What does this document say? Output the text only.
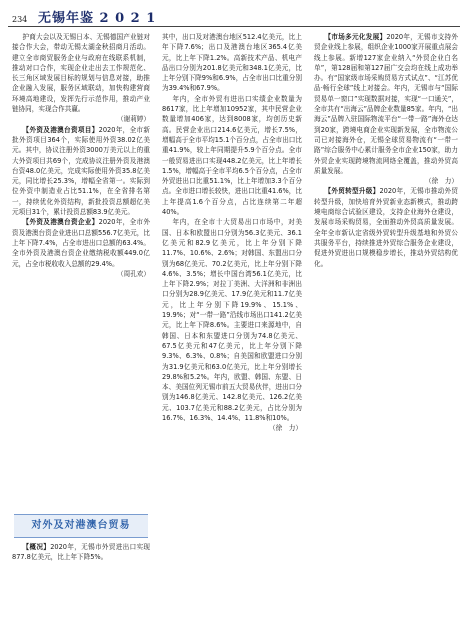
234 无锡年鉴 2 0 2 1

护商大会以及无锡日本、无锡德国产业链对接合作大会，带动无锡太湖金秋招商月活动。建立全市商贸服务企业与政府在线联系机制，推动对口合作，实现企业走出去工作规范化、长三角区域发展目标的规划与信息对接，助推企业融入发展，服务区域联动，加快构建营商环境高地建设，发挥先行示范作用，推动产业链协同，实现合作共赢。

（谢莉婷）

【外资及港澳台资项目】2020年，全市新批外资项目364个，实际使用外资38.02亿美元。其中，协议注册外资3000万美元以上的重大外资项目共69个，完成协议注册外资及港澳台资48.0亿美元，完成实际使用外资35.8亿美元，同比增长25.3%，增幅全省第一。实际到位外资中制造业占比51.1%，在全省排名第一，持续优化外资结构，新批投资总额超亿美元项目31个，累计投资总额83.9亿美元。

【外资及港澳台资企业】2020年，全市外资及港澳台资企业进出口总额556.7亿美元，比上年下降7.4%，占全市进出口总额的63.4%。全市外资及港澳台资企业缴纳税收额449.0亿元，占全市税收收入总额的29.4%。

（周孔欢）

对外及对港澳台贸易

【概况】2020年，无锡市外贸进出口实现877.8亿美元，比上年下降5%。

其中，出口及对港澳台地区512.4亿美元，比上年下降7.6%；出口及港澳台地区365.4亿美元，比上年下降1.2%。高新技术产品、机电产品出口分别为201.8亿美元和348.1亿美元，比上年分别下降9%和6.9%，占全市出口比重分别为39.4%和67.9%。

年内，全市外贸有进出口实绩企业数量为8617家，比上年增加10952家，其中民营企业数量增加406家，达到8008家，均创历史新高。民营企业出口214.6亿美元，增长7.5%，增幅高于全市平均15.1个百分点，占全市出口比重41.9%，较上年同期提升5.9个百分点。全市一般贸易进出口实现448.2亿美元，比上年增长1.5%，增幅高于全市平均6.5个百分点，占全市外贸进出口比重51.1%，比上年增加3.3个百分点。全市进口增长较快，进出口比重41.6%，比上年提高1.6个百分点，占比连续第二年超40%。

年内，在全市十大贸易出口市场中，对美国、日本和欧盟出口分别为56.3亿美元、36.1亿美元和82.9亿美元，比上年分别下降11.7%、10.6%、2.6%；对韩国、东盟出口分别为68亿美元、70.2亿美元，比上年分别下降4.6%、3.5%；增长中国台湾56.1亿美元，比上年下降2.9%；对拉丁美洲、大洋洲和非洲出口分别为28.9亿美元、17.9亿美元和11.7亿美元，比上年分别下降19.9%、15.1%、19.9%；对“一带一路”沿线市场出口141.2亿美元，比上年下降8.6%。主要进口来源地中，自韩国、日本和东盟进口分别为74.8亿美元、67.5亿美元和47亿美元，比上年分别下降9.3%、6.3%、0.8%；自美国和欧盟进口分别为31.9亿美元和63.0亿美元，比上年分别增长29.8%和5.2%。年内，欧盟、韩国、东盟、日本、美国位列无锡市前五大贸易伙伴，进出口分别为146.8亿美元、142.8亿美元、126.2亿美元、103.7亿美元和88.2亿美元，占比分别为16.7%、16.3%、14.4%、11.8%和10%。

（徐　力）

【市场多元化发展】2020年，无锡市支持外贸企业线上参展，组织企业1000家开展重点展会线上参展。新增127家企业纳入“外贸企业白名单”，第128届和第127届广交会均在线上成功举办。有“国家级市场采购贸易方式试点”、“江苏优品·畅行全球”线上对接会。年内，无锡市与“国际贸易单一窗口”实现数据对接，实现“一口通关”，全市共有“出海云”品牌企业数量85家。年内，“出海云”品牌入驻国际物流平台“一带一路”海外仓达到20家，跨境电商企业实现新发展，全市物流公司已对接海外仓，无锡全球贸易物流有“一带一路”综合服务中心累计服务全市企业150家，助力外贸企业实现跨境物流网络全覆盖，推动外贸高质量发展。

（徐　力）

【外贸转型升级】2020年，无锡市推动外贸转型升级，加快培育外贸新业态新模式，推动跨境电商综合试验区建设，支持企业海外仓建设，发展市场采购贸易，全面推动外贸高质量发展。全年全市新认定省级外贸转型升级基地和外贸公共服务平台，持续推进外贸综合服务企业建设，促进外贸进出口规模稳步增长，推动外贸结构优化。
